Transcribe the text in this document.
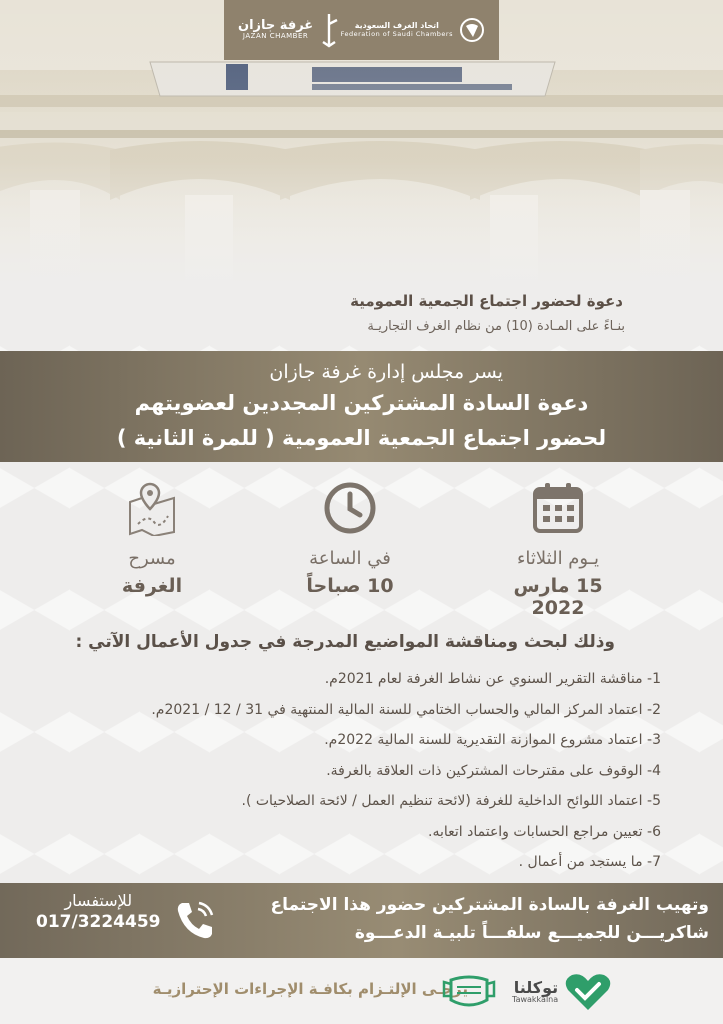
غرفة جازان
JAZAN CHAMBER
اتحاد الغرف السعودية
Federation of Saudi Chambers
دعوة لحضور اجتماع الجمعية العمومية
بنـاءً على المـادة (10) من نظام الغرف التجاريـة
يسر مجلس إدارة غرفة جازان
دعوة السادة المشتركين المجددين لعضويتهم
لحضور اجتماع الجمعية العمومية ( للمرة الثانية )
يـوم الثلاثاء
15 مارس 2022
في الساعة
10 صباحاً
مسرح
الغرفة
وذلك لبحث ومناقشة المواضيع المدرجة في جدول الأعمال الآتي :
1- مناقشة التقرير السنوي عن نشاط الغرفة لعام 2021م.
2- اعتماد المركز المالي والحساب الختامي للسنة المالية المنتهية في 31 / 12 / 2021م.
3- اعتماد مشروع الموازنة التقديرية للسنة المالية 2022م.
4- الوقوف على مقترحات المشتركين ذات العلاقة بالغرفة.
5- اعتماد اللوائح الداخلية للغرفة (لائحة تنظيم العمل / لائحة الصلاحيات ).
6- تعيين مراجع الحسابات واعتماد اتعابه.
7- ما يستجد من أعمال .
وتهيب الغرفة بالسادة المشتركين حضور هذا الاجتماع
شاكريـــن للجميـــع سلفـــاً تلبيـة الدعـــوة
للإستفسار
017/3224459
يرجـى الإلتـزام بكافـة الإجراءات الإحترازيـة	توكلنا
Tawakkalna
